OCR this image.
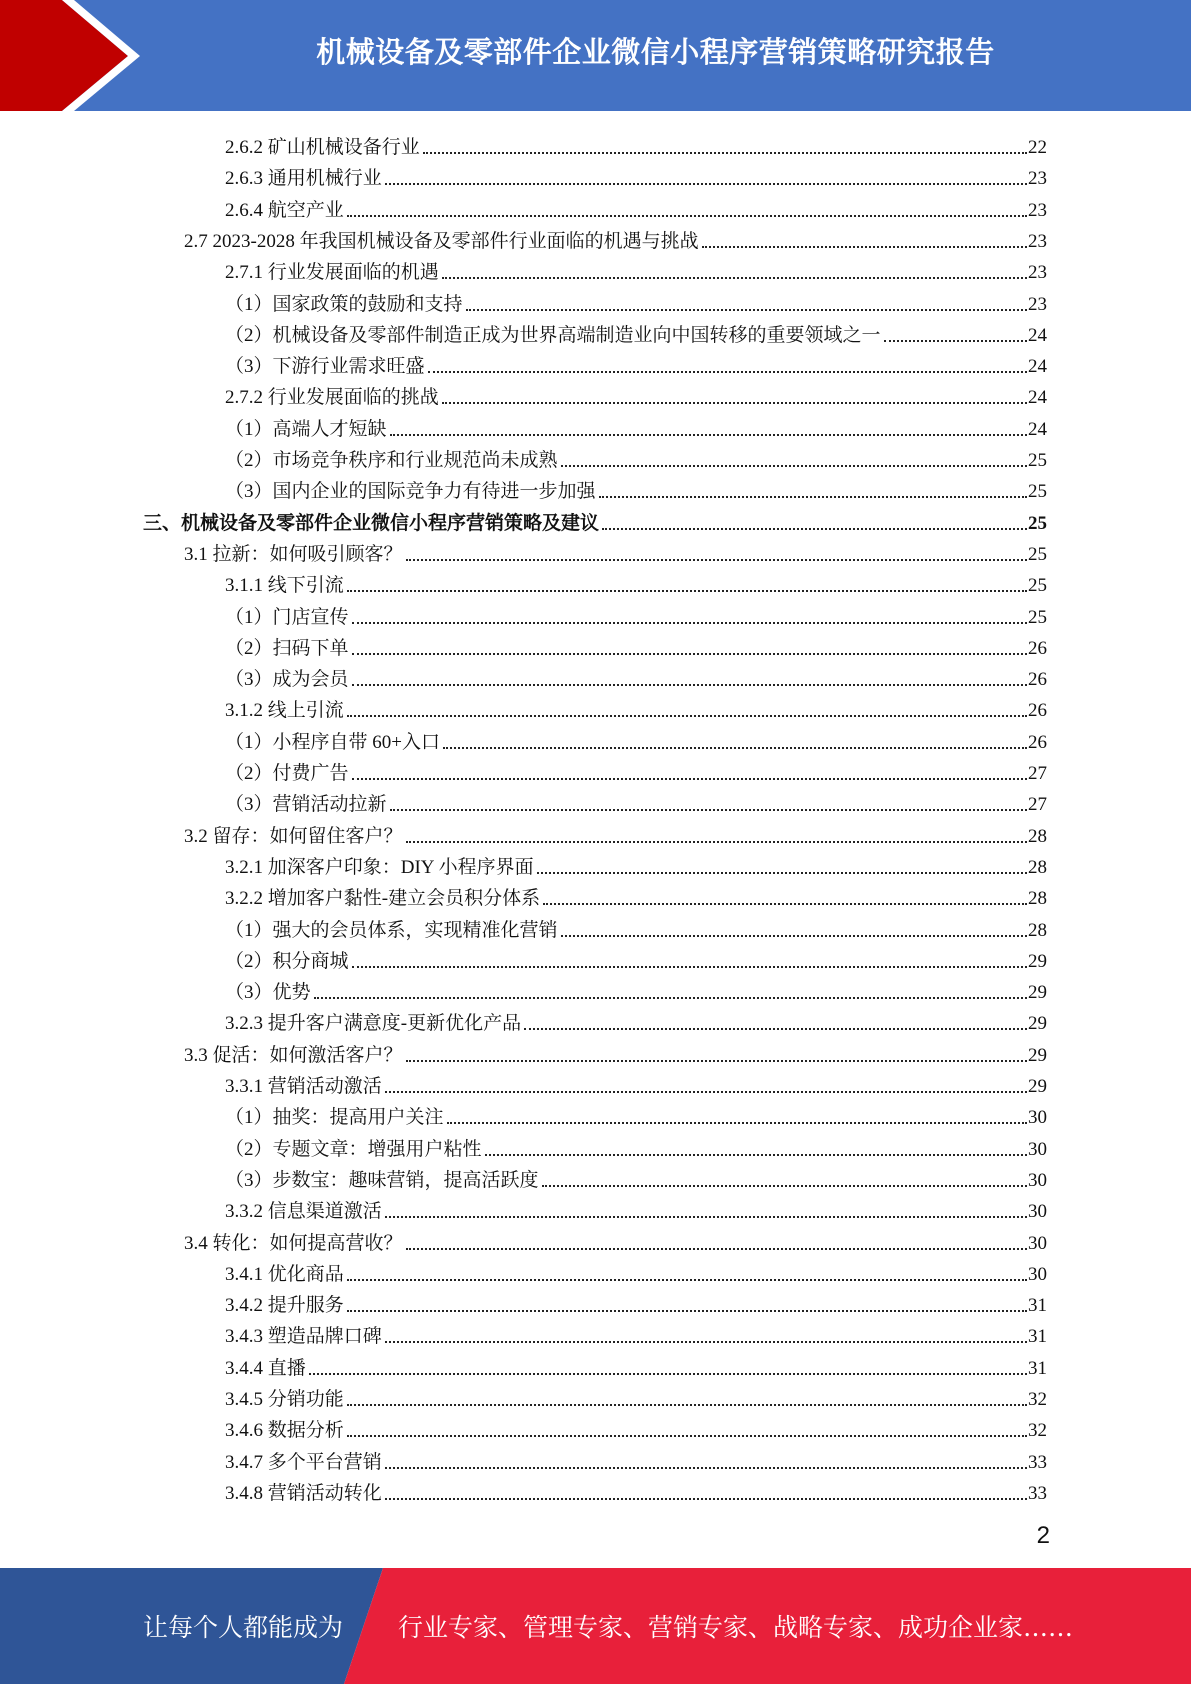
机械设备及零部件企业微信小程序营销策略研究报告
2.6.2 矿山机械设备行业	22
2.6.3 通用机械行业	23
2.6.4 航空产业	23
2.7 2023-2028 年我国机械设备及零部件行业面临的机遇与挑战	23
2.7.1 行业发展面临的机遇	23
（1）国家政策的鼓励和支持	23
（2）机械设备及零部件制造正成为世界高端制造业向中国转移的重要领域之一	24
（3）下游行业需求旺盛	24
2.7.2 行业发展面临的挑战	24
（1）高端人才短缺	24
（2）市场竞争秩序和行业规范尚未成熟	25
（3）国内企业的国际竞争力有待进一步加强	25
三、机械设备及零部件企业微信小程序营销策略及建议	25
3.1 拉新：如何吸引顾客？	25
3.1.1 线下引流	25
（1）门店宣传	25
（2）扫码下单	26
（3）成为会员	26
3.1.2 线上引流	26
（1）小程序自带 60+入口	26
（2）付费广告	27
（3）营销活动拉新	27
3.2 留存：如何留住客户？	28
3.2.1 加深客户印象：DIY 小程序界面	28
3.2.2 增加客户黏性-建立会员积分体系	28
（1）强大的会员体系，实现精准化营销	28
（2）积分商城	29
（3）优势	29
3.2.3 提升客户满意度-更新优化产品	29
3.3 促活：如何激活客户？	29
3.3.1 营销活动激活	29
（1）抽奖：提高用户关注	30
（2）专题文章：增强用户粘性	30
（3）步数宝：趣味营销，提高活跃度	30
3.3.2 信息渠道激活	30
3.4 转化：如何提高营收？	30
3.4.1 优化商品	30
3.4.2 提升服务	31
3.4.3 塑造品牌口碑	31
3.4.4 直播	31
3.4.5 分销功能	32
3.4.6 数据分析	32
3.4.7 多个平台营销	33
3.4.8 营销活动转化	33
2
让每个人都能成为 行业专家、管理专家、营销专家、战略专家、成功企业家……
